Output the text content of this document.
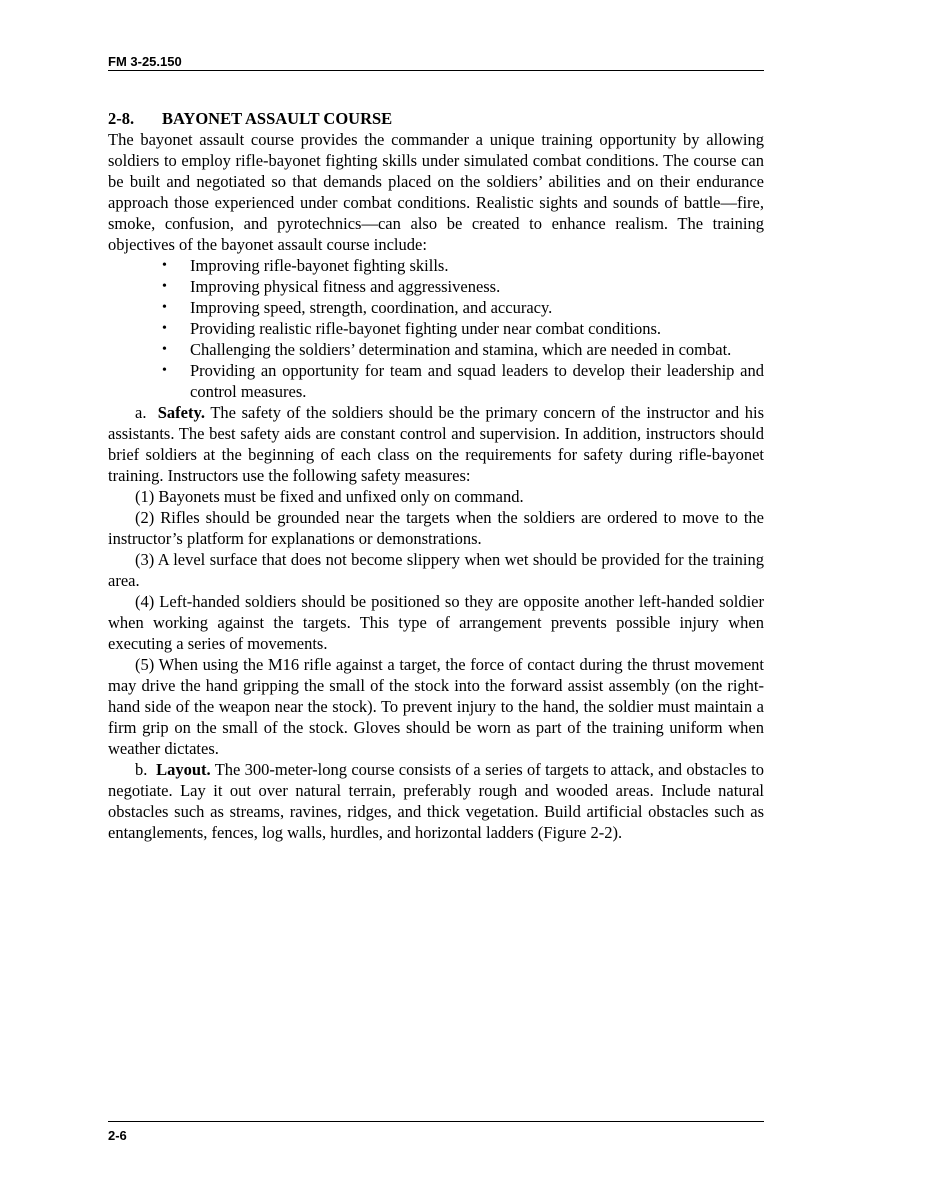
FM 3-25.150
2-8. BAYONET ASSAULT COURSE

The bayonet assault course provides the commander a unique training opportunity by allowing soldiers to employ rifle-bayonet fighting skills under simulated combat conditions. The course can be built and negotiated so that demands placed on the soldiers’ abilities and on their endurance approach those experienced under combat conditions. Realistic sights and sounds of battle—fire, smoke, confusion, and pyrotechnics—can also be created to enhance realism. The training objectives of the bayonet assault course include:

• Improving rifle-bayonet fighting skills.
• Improving physical fitness and aggressiveness.
• Improving speed, strength, coordination, and accuracy.
• Providing realistic rifle-bayonet fighting under near combat conditions.
• Challenging the soldiers’ determination and stamina, which are needed in combat.
• Providing an opportunity for team and squad leaders to develop their leadership and control measures.

a. Safety. The safety of the soldiers should be the primary concern of the instructor and his assistants. The best safety aids are constant control and supervision. In addition, instructors should brief soldiers at the beginning of each class on the requirements for safety during rifle-bayonet training. Instructors use the following safety measures:

(1) Bayonets must be fixed and unfixed only on command.

(2) Rifles should be grounded near the targets when the soldiers are ordered to move to the instructor’s platform for explanations or demonstrations.

(3) A level surface that does not become slippery when wet should be provided for the training area.

(4) Left-handed soldiers should be positioned so they are opposite another left-handed soldier when working against the targets. This type of arrangement prevents possible injury when executing a series of movements.

(5) When using the M16 rifle against a target, the force of contact during the thrust movement may drive the hand gripping the small of the stock into the forward assist assembly (on the right-hand side of the weapon near the stock). To prevent injury to the hand, the soldier must maintain a firm grip on the small of the stock. Gloves should be worn as part of the training uniform when weather dictates.

b. Layout. The 300-meter-long course consists of a series of targets to attack, and obstacles to negotiate. Lay it out over natural terrain, preferably rough and wooded areas. Include natural obstacles such as streams, ravines, ridges, and thick vegetation. Build artificial obstacles such as entanglements, fences, log walls, hurdles, and horizontal ladders (Figure 2-2).

2-6
